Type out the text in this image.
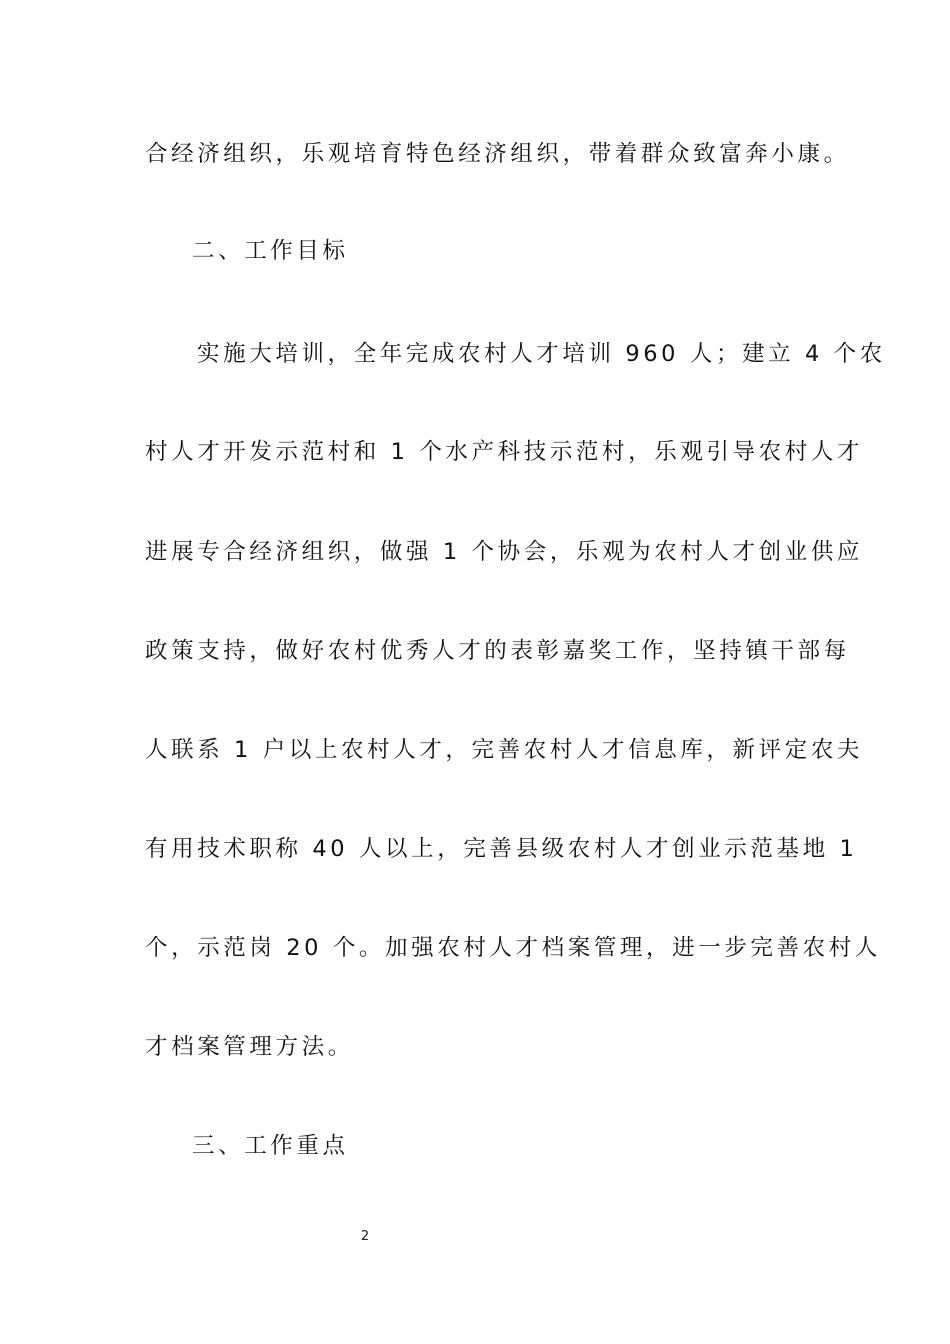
合经济组织，乐观培育特色经济组织，带着群众致富奔小康。
二、工作目标
实施大培训，全年完成农村人才培训 960 人；建立 4 个农
村人才开发示范村和 1 个水产科技示范村，乐观引导农村人才
进展专合经济组织，做强 1 个协会，乐观为农村人才创业供应
政策支持，做好农村优秀人才的表彰嘉奖工作，坚持镇干部每
人联系 1 户以上农村人才，完善农村人才信息库，新评定农夫
有用技术职称 40 人以上，完善县级农村人才创业示范基地 1
个，示范岗 20 个。加强农村人才档案管理，进一步完善农村人
才档案管理方法。
三、工作重点
2
